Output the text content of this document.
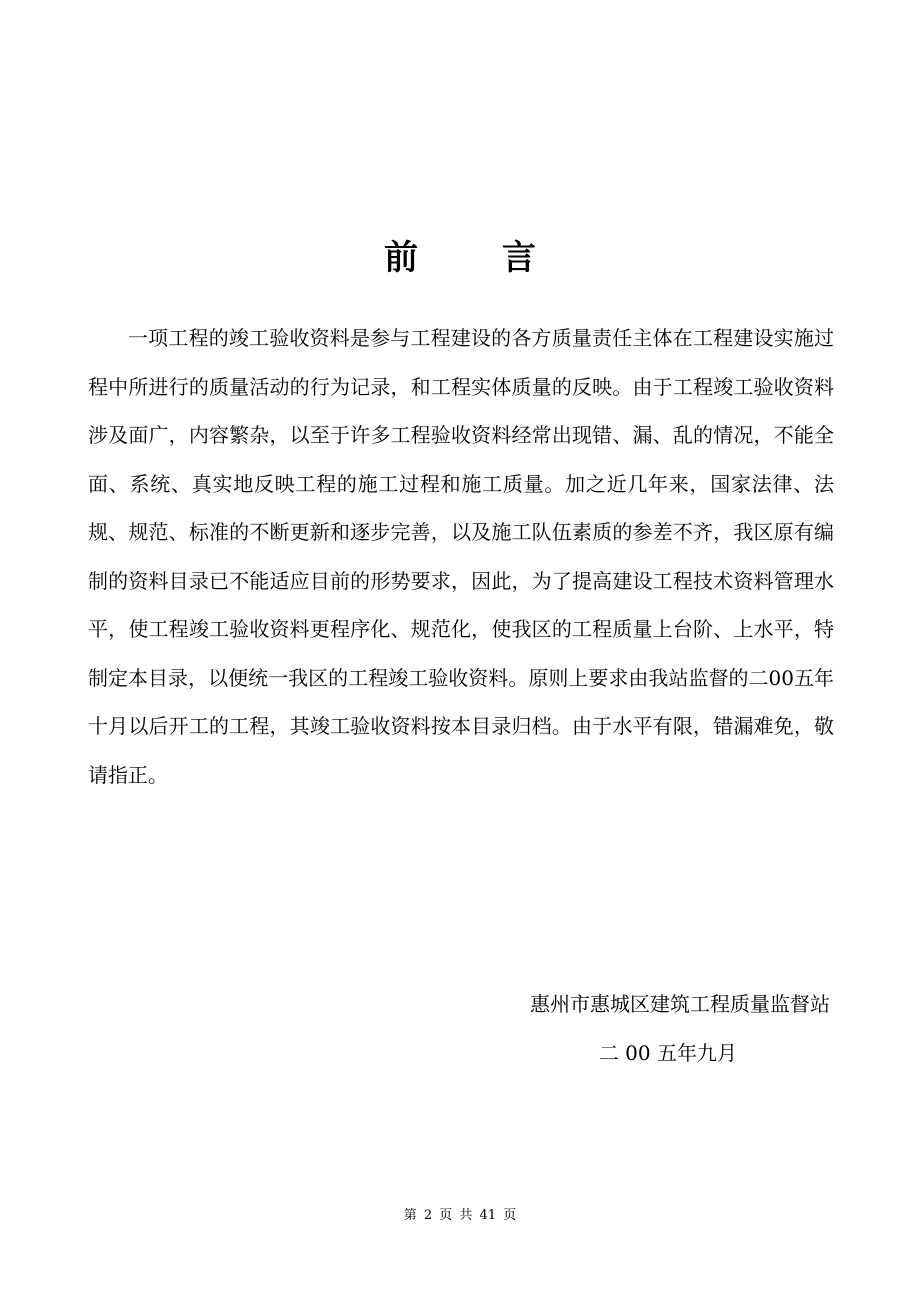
前 言

一项工程的竣工验收资料是参与工程建设的各方质量责任主体在工程建设实施过程中所进行的质量活动的行为记录，和工程实体质量的反映。由于工程竣工验收资料涉及面广，内容繁杂，以至于许多工程验收资料经常出现错、漏、乱的情况，不能全面、系统、真实地反映工程的施工过程和施工质量。加之近几年来，国家法律、法规、规范、标准的不断更新和逐步完善，以及施工队伍素质的参差不齐，我区原有编制的资料目录已不能适应目前的形势要求，因此，为了提高建设工程技术资料管理水平，使工程竣工验收资料更程序化、规范化，使我区的工程质量上台阶、上水平，特制定本目录，以便统一我区的工程竣工验收资料。原则上要求由我站监督的二00五年十月以后开工的工程，其竣工验收资料按本目录归档。由于水平有限，错漏难免，敬请指正。

惠州市惠城区建筑工程质量监督站
二 00 五年九月
第 2 页 共 41 页
